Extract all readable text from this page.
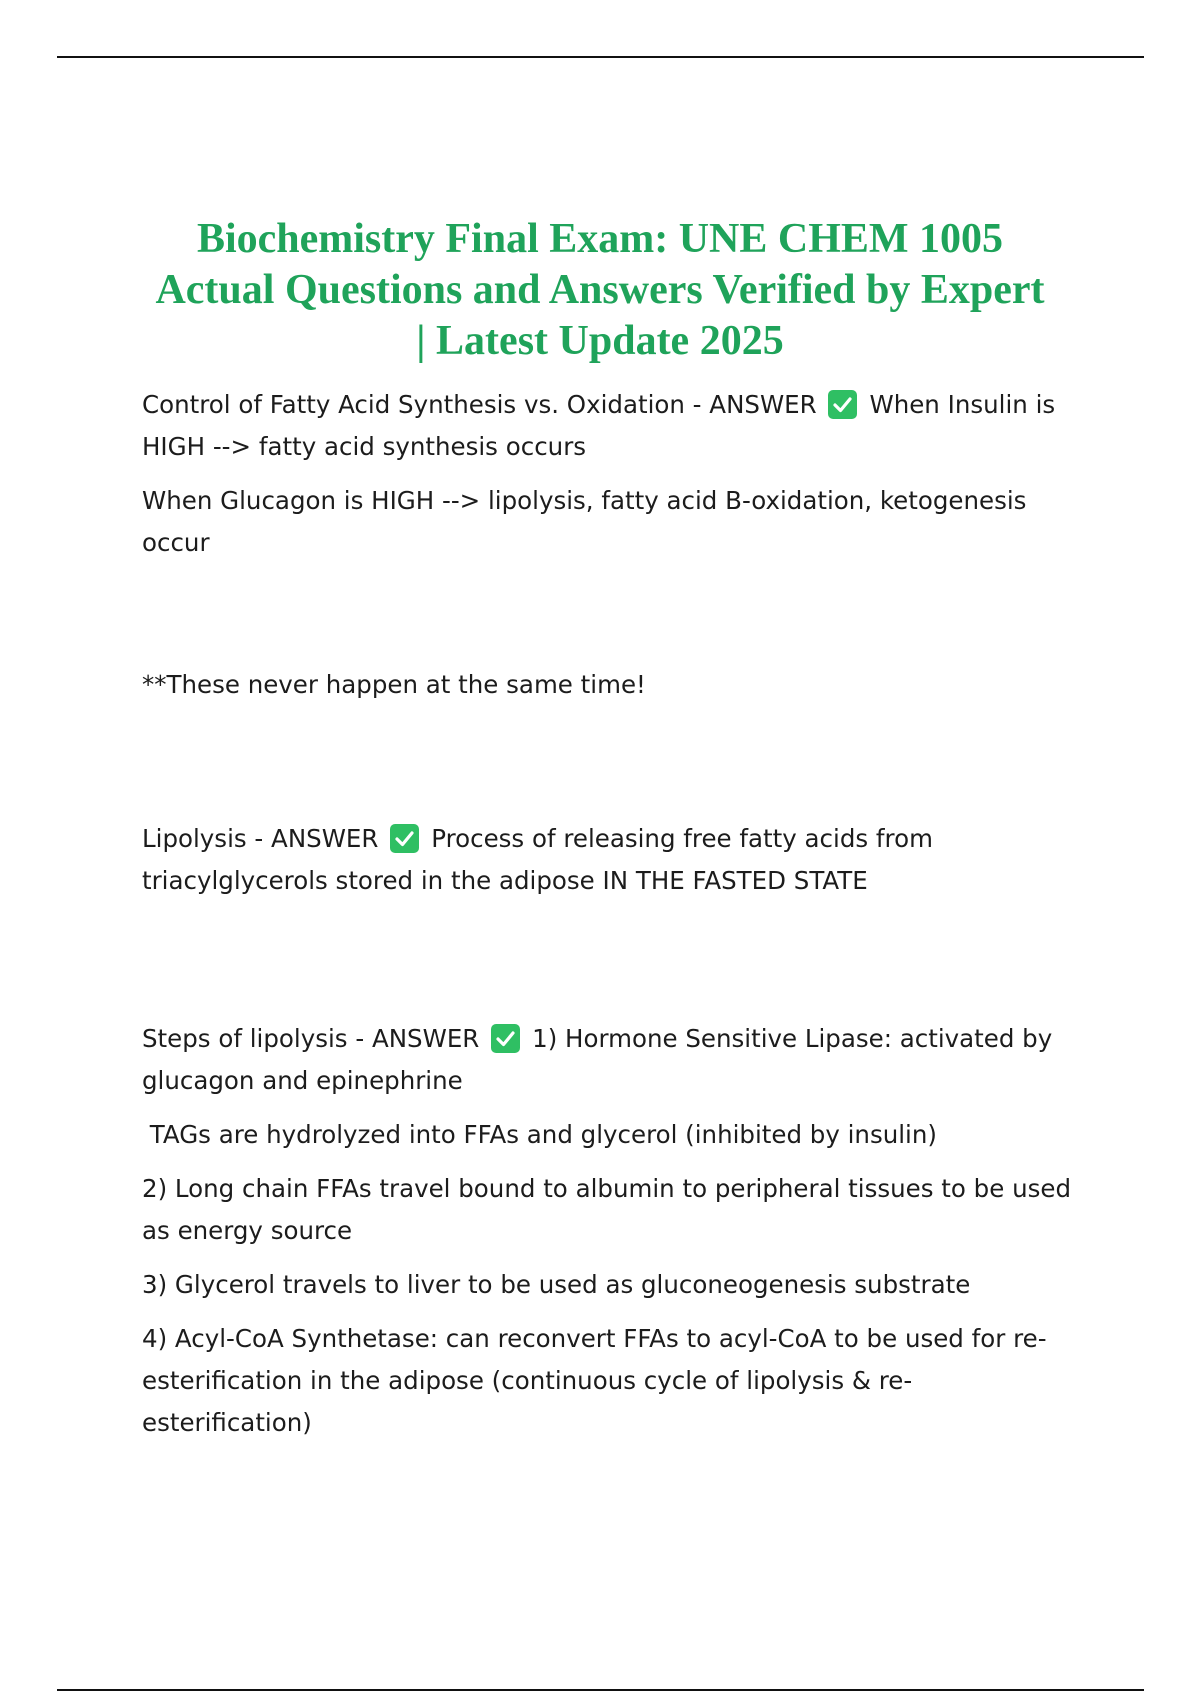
Biochemistry Final Exam: UNE CHEM 1005
Actual Questions and Answers Verified by Expert
| Latest Update 2025

Control of Fatty Acid Synthesis vs. Oxidation - ANSWER When Insulin is HIGH --> fatty acid synthesis occurs

When Glucagon is HIGH --> lipolysis, fatty acid B-oxidation, ketogenesis occur

**These never happen at the same time!

Lipolysis - ANSWER Process of releasing free fatty acids from triacylglycerols stored in the adipose IN THE FASTED STATE

Steps of lipolysis - ANSWER 1) Hormone Sensitive Lipase: activated by glucagon and epinephrine

TAGs are hydrolyzed into FFAs and glycerol (inhibited by insulin)

2) Long chain FFAs travel bound to albumin to peripheral tissues to be used as energy source

3) Glycerol travels to liver to be used as gluconeogenesis substrate

4) Acyl-CoA Synthetase: can reconvert FFAs to acyl-CoA to be used for re-esterification in the adipose (continuous cycle of lipolysis & re-esterification)
